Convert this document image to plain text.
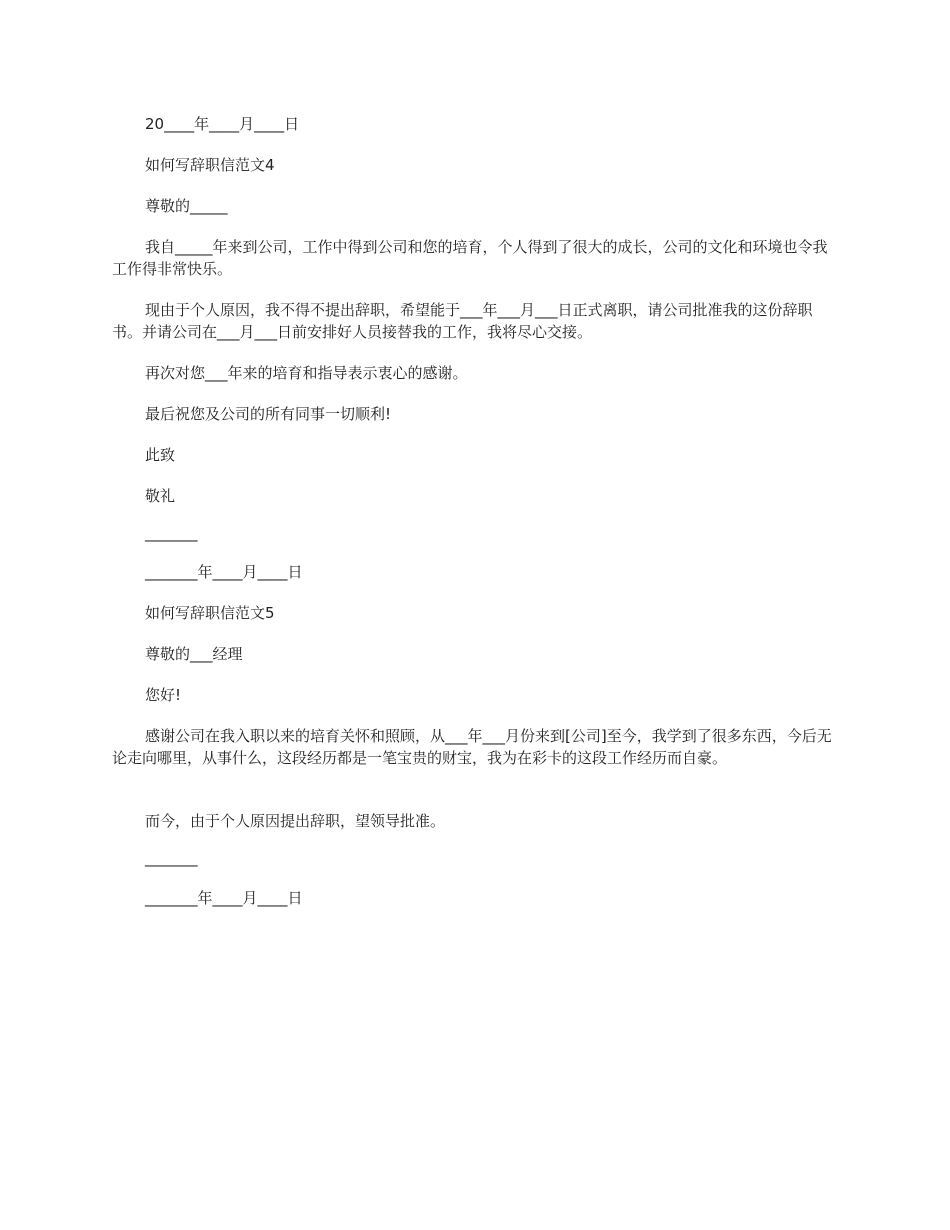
20____年____月____日
如何写辞职信范文4
尊敬的_____
我自_____年来到公司，工作中得到公司和您的培育，个人得到了很大的成长，公司的文化和环境也令我工作得非常快乐。
现由于个人原因，我不得不提出辞职，希望能于___年___月___日正式离职，请公司批准我的这份辞职书。并请公司在___月___日前安排好人员接替我的工作，我将尽心交接。
再次对您___年来的培育和指导表示衷心的感谢。
最后祝您及公司的所有同事一切顺利!
此致
敬礼
_______
_______年____月____日
如何写辞职信范文5
尊敬的___经理
您好!
感谢公司在我入职以来的培育关怀和照顾，从___年___月份来到[公司]至今，我学到了很多东西，今后无论走向哪里，从事什么，这段经历都是一笔宝贵的财宝，我为在彩卡的这段工作经历而自豪。
而今，由于个人原因提出辞职，望领导批准。
_______
_______年____月____日
